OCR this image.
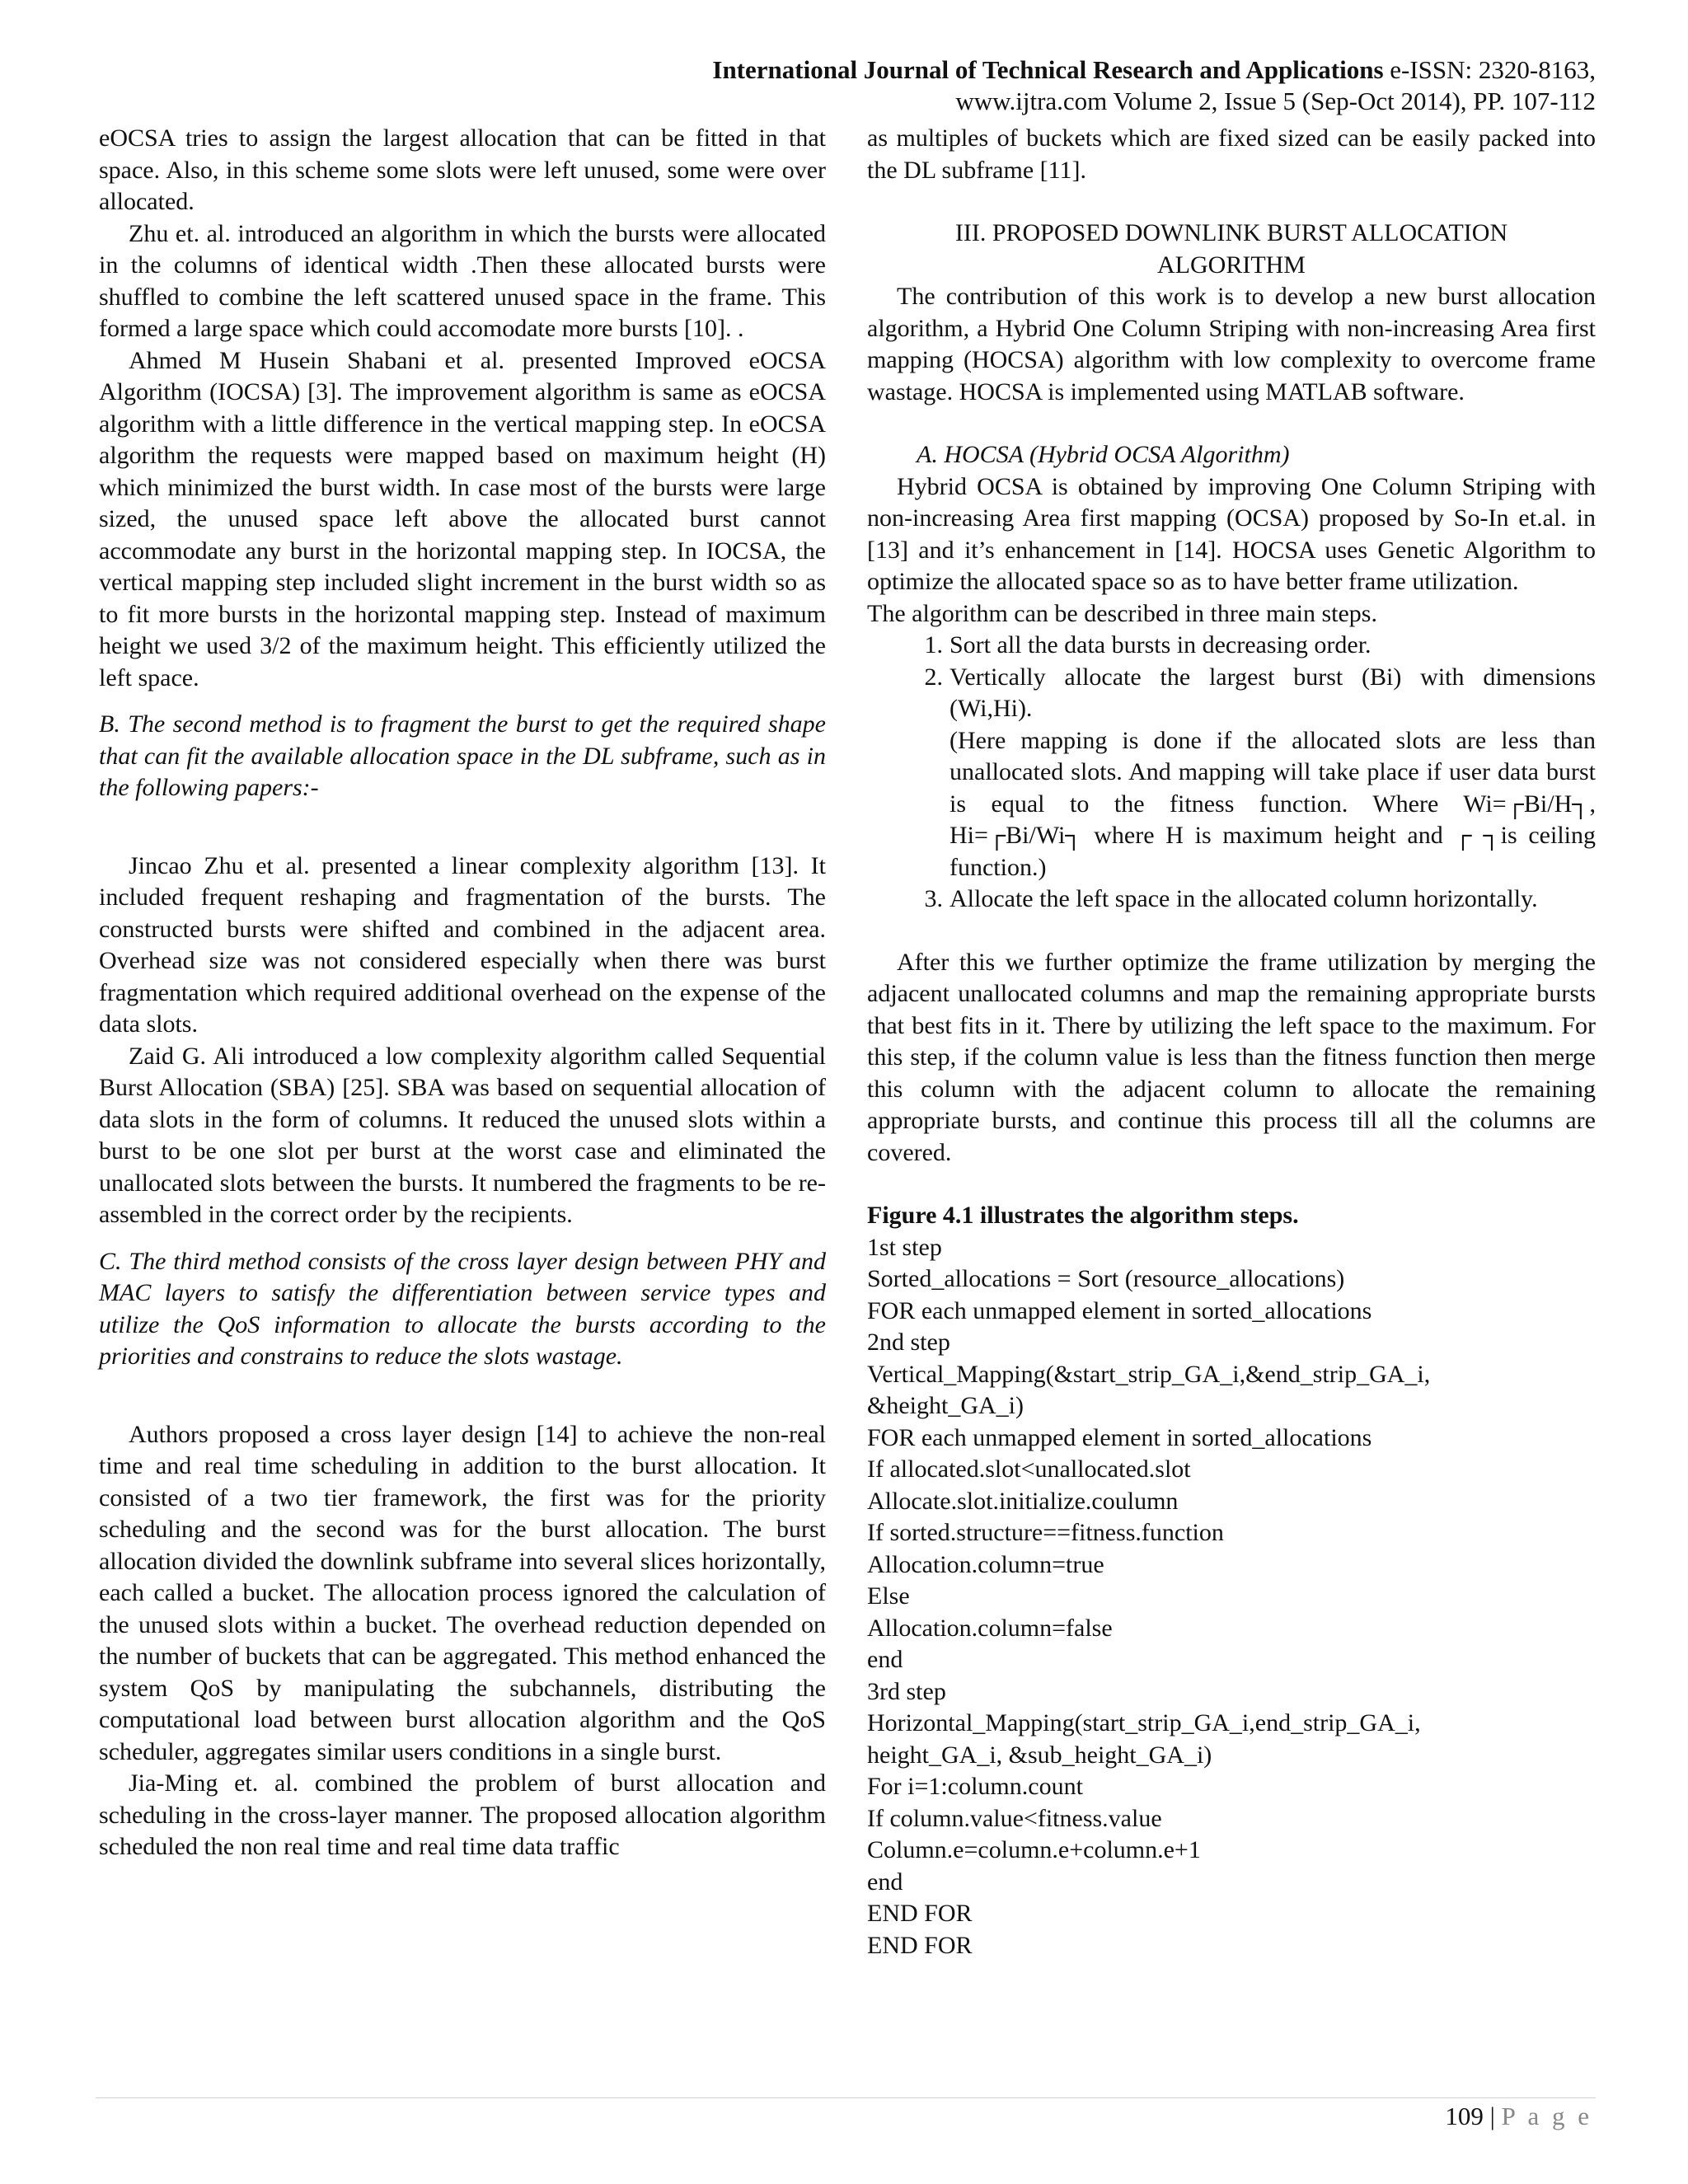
International Journal of Technical Research and Applications e-ISSN: 2320-8163,
www.ijtra.com Volume 2, Issue 5 (Sep-Oct 2014), PP. 107-112

eOCSA tries to assign the largest allocation that can be fitted in that space. Also, in this scheme some slots were left unused, some were over allocated.

Zhu et. al. introduced an algorithm in which the bursts were allocated in the columns of identical width .Then these allocated bursts were shuffled to combine the left scattered unused space in the frame. This formed a large space which could accomodate more bursts [10]. .

Ahmed M Husein Shabani et al. presented Improved eOCSA Algorithm (IOCSA) [3]. The improvement algorithm is same as eOCSA algorithm with a little difference in the vertical mapping step. In eOCSA algorithm the requests were mapped based on maximum height (H) which minimized the burst width. In case most of the bursts were large sized, the unused space left above the allocated burst cannot accommodate any burst in the horizontal mapping step. In IOCSA, the vertical mapping step included slight increment in the burst width so as to fit more bursts in the horizontal mapping step. Instead of maximum height we used 3/2 of the maximum height. This efficiently utilized the left space.

B. The second method is to fragment the burst to get the required shape that can fit the available allocation space in the DL subframe, such as in the following papers:-

Jincao Zhu et al. presented a linear complexity algorithm [13]. It included frequent reshaping and fragmentation of the bursts. The constructed bursts were shifted and combined in the adjacent area. Overhead size was not considered especially when there was burst fragmentation which required additional overhead on the expense of the data slots.

Zaid G. Ali introduced a low complexity algorithm called Sequential Burst Allocation (SBA) [25]. SBA was based on sequential allocation of data slots in the form of columns. It reduced the unused slots within a burst to be one slot per burst at the worst case and eliminated the unallocated slots between the bursts. It numbered the fragments to be re-assembled in the correct order by the recipients.

C. The third method consists of the cross layer design between PHY and MAC layers to satisfy the differentiation between service types and utilize the QoS information to allocate the bursts according to the priorities and constrains to reduce the slots wastage.

Authors proposed a cross layer design [14] to achieve the non-real time and real time scheduling in addition to the burst allocation. It consisted of a two tier framework, the first was for the priority scheduling and the second was for the burst allocation. The burst allocation divided the downlink subframe into several slices horizontally, each called a bucket. The allocation process ignored the calculation of the unused slots within a bucket. The overhead reduction depended on the number of buckets that can be aggregated. This method enhanced the system QoS by manipulating the subchannels, distributing the computational load between burst allocation algorithm and the QoS scheduler, aggregates similar users conditions in a single burst.

Jia-Ming et. al. combined the problem of burst allocation and scheduling in the cross-layer manner. The proposed allocation algorithm scheduled the non real time and real time data traffic

as multiples of buckets which are fixed sized can be easily packed into the DL subframe [11].

III. PROPOSED DOWNLINK BURST ALLOCATION

ALGORITHM

The contribution of this work is to develop a new burst allocation algorithm, a Hybrid One Column Striping with non-increasing Area first mapping (HOCSA) algorithm with low complexity to overcome frame wastage. HOCSA is implemented using MATLAB software.

A. HOCSA (Hybrid OCSA Algorithm)

Hybrid OCSA is obtained by improving One Column Striping with non-increasing Area first mapping (OCSA) proposed by So-In et.al. in [13] and it’s enhancement in [14]. HOCSA uses Genetic Algorithm to optimize the allocated space so as to have better frame utilization.

The algorithm can be described in three main steps.

1. Sort all the data bursts in decreasing order.
2. Vertically allocate the largest burst (Bi) with dimensions (Wi,Hi).

(Here mapping is done if the allocated slots are less than unallocated slots. And mapping will take place if user data burst is equal to the fitness function. Where Wi=┌Bi/H┐, Hi=┌Bi/Wi┐ where H is maximum height and ┌ ┐is ceiling function.)

3. Allocate the left space in the allocated column horizontally.

After this we further optimize the frame utilization by merging the adjacent unallocated columns and map the remaining appropriate bursts that best fits in it. There by utilizing the left space to the maximum. For this step, if the column value is less than the fitness function then merge this column with the adjacent column to allocate the remaining appropriate bursts, and continue this process till all the columns are covered.

Figure 4.1 illustrates the algorithm steps.

1st step

Sorted_allocations = Sort (resource_allocations)

FOR each unmapped element in sorted_allocations

2nd step

Vertical_Mapping(&start_strip_GA_i,&end_strip_GA_i,

&height_GA_i)

FOR each unmapped element in sorted_allocations

If allocated.slot<unallocated.slot

Allocate.slot.initialize.coulumn

If sorted.structure==fitness.function

Allocation.column=true

Else

Allocation.column=false

end

3rd step

Horizontal_Mapping(start_strip_GA_i,end_strip_GA_i,

height_GA_i, &sub_height_GA_i)

For i=1:column.count

If column.value<fitness.value

Column.e=column.e+column.e+1

end

END FOR

END FOR

109 | P a g e
